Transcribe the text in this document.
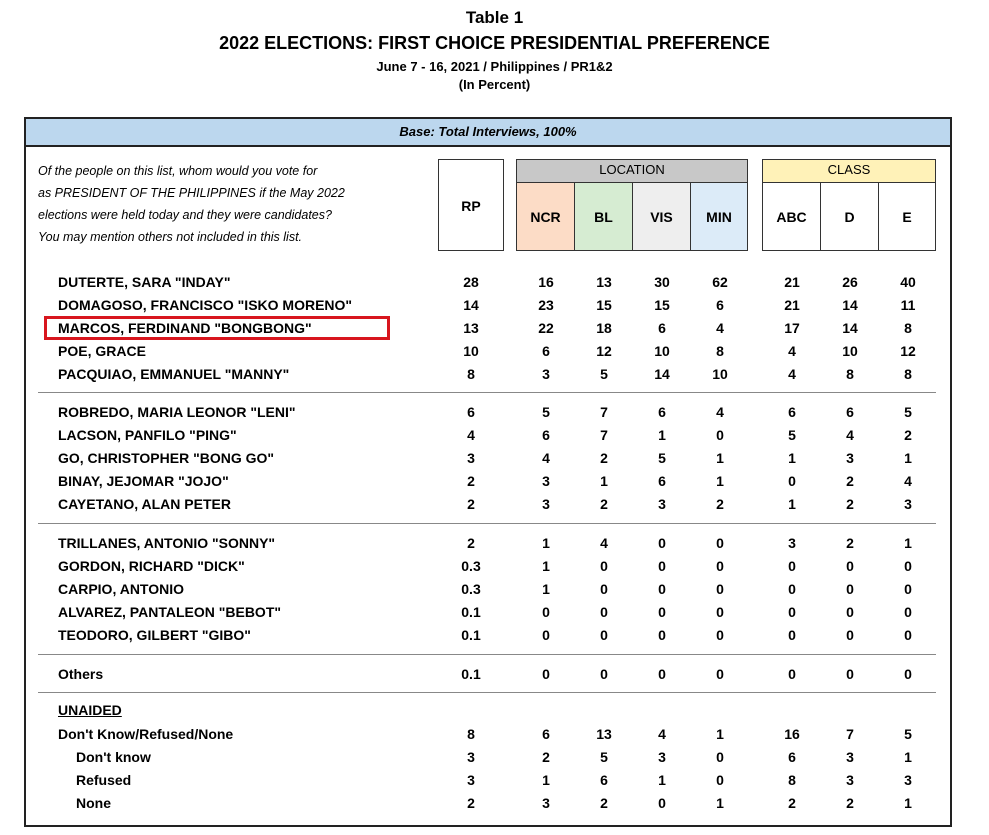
Table 1
2022 ELECTIONS: FIRST CHOICE PRESIDENTIAL PREFERENCE
June 7 - 16, 2021 / Philippines / PR1&2
(In Percent)
Base: Total Interviews, 100%
Of the people on this list, whom would you vote for
as PRESIDENT OF THE PHILIPPINES if the May 2022
elections were held today and they were candidates?
You may mention others not included in this list.
LOCATION	CLASS
RP
NCR	BL	VIS	MIN	ABC	D	E
UNAIDED
DUTERTE, SARA "INDAY"	28	16	13	30	62	21	26	40
DOMAGOSO, FRANCISCO "ISKO MORENO"	14	23	15	15	6	21	14	11
MARCOS, FERDINAND "BONGBONG"	13	22	18	6	4	17	14	8
POE, GRACE	10	6	12	10	8	4	10	12
PACQUIAO, EMMANUEL "MANNY"	8	3	5	14	10	4	8	8
ROBREDO, MARIA LEONOR "LENI"	6	5	7	6	4	6	6	5
LACSON, PANFILO "PING"	4	6	7	1	0	5	4	2
GO, CHRISTOPHER "BONG GO"	3	4	2	5	1	1	3	1
BINAY, JEJOMAR "JOJO"	2	3	1	6	1	0	2	4
CAYETANO, ALAN PETER	2	3	2	3	2	1	2	3
TRILLANES, ANTONIO "SONNY"	2	1	4	0	0	3	2	1
GORDON, RICHARD "DICK"	0.3	1	0	0	0	0	0	0
CARPIO, ANTONIO	0.3	1	0	0	0	0	0	0
ALVAREZ, PANTALEON "BEBOT"	0.1	0	0	0	0	0	0	0
TEODORO, GILBERT "GIBO"	0.1	0	0	0	0	0	0	0
Others	0.1	0	0	0	0	0	0	0
Don't Know/Refused/None	8	6	13	4	1	16	7	5
Don't know	3	2	5	3	0	6	3	1
Refused	3	1	6	1	0	8	3	3
None	2	3	2	0	1	2	2	1
